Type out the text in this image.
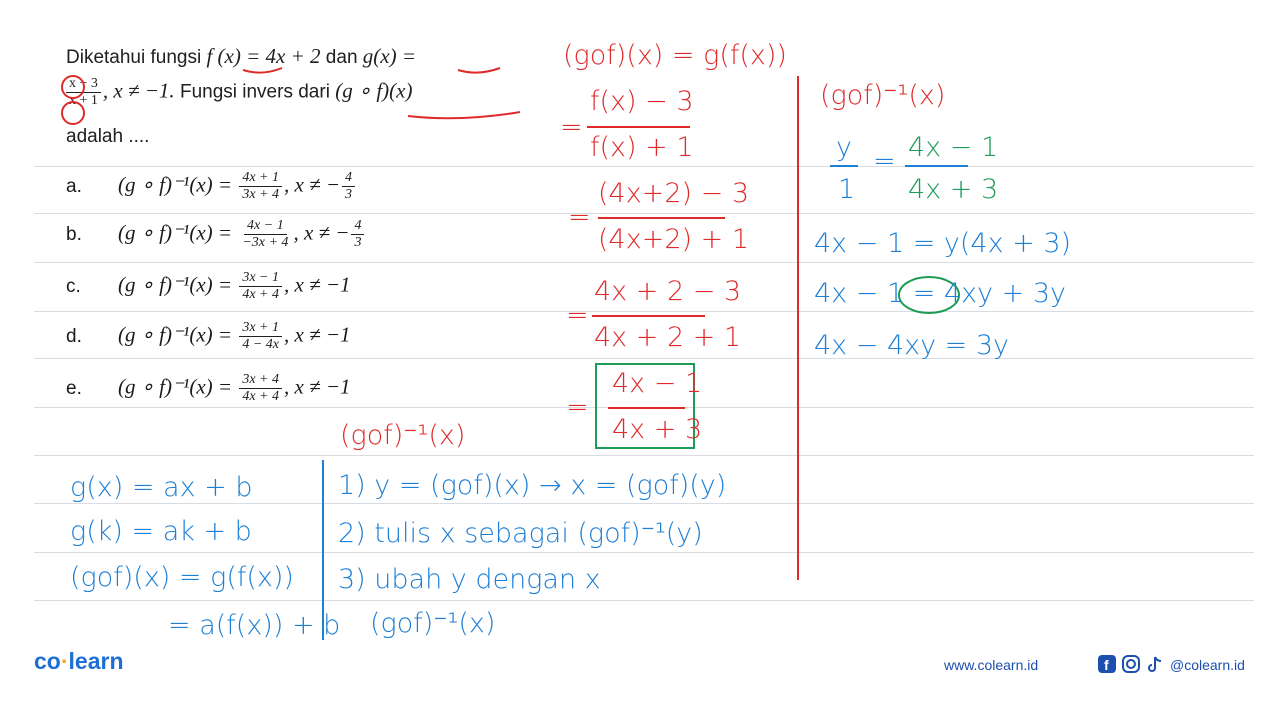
Diketahui fungsi f (x) = 4x + 2 dan g(x) =
$\frac{x - 3}{x + 1}$ , x ≠ −1. Fungsi invers dari (g ∘ f)(x)
adalah ....
a. (g ∘ $f)^{-1}(x) = \frac{4x + 1}{3x + 4}$ , x ≠ − $\frac{4}{3}$
b. (g ∘ $f)^{-1}(x) = \frac{4x - 1}{-3x + 4}$ , x ≠ − $\frac{4}{3}$
c. (g ∘ $f)^{-1}(x) = \frac{3x - 1}{4x + 4}$ , x ≠ −1
d. (g ∘ $f)^{-1}(x) = \frac{3x + 1}{4 - 4x}$ , x ≠ −1
e. (g ∘ $f)^{-1}(x) = \frac{3x + 4}{4x + 4}$ , x ≠ −1
(gof)(x) = g(f(x))
=
f(x) − 3
f(x) + 1
=
(4x+2) − 3
(4x+2) + 1
=
4x + 2 − 3
4x + 2 + 1
=
4x − 1
4x + 3
(gof)⁻¹(x)
(gof)⁻¹(x)
y
1
= 4x − 1
4x + 3
4x − 1 = y(4x + 3)
4x − 1 = 4xy + 3y
4x − 4xy = 3y
g(x) = ax + b
g(k) = ak + b
(gof)(x) = g(f(x))
= a(f(x)) + b
1) y = (gof)(x) → x = (gof)(y)
2) tulis x sebagai (gof)⁻¹(y)
3) ubah y dengan x
(gof)⁻¹(x)
co·learn	www.colearn.id	f	@colearn.id
